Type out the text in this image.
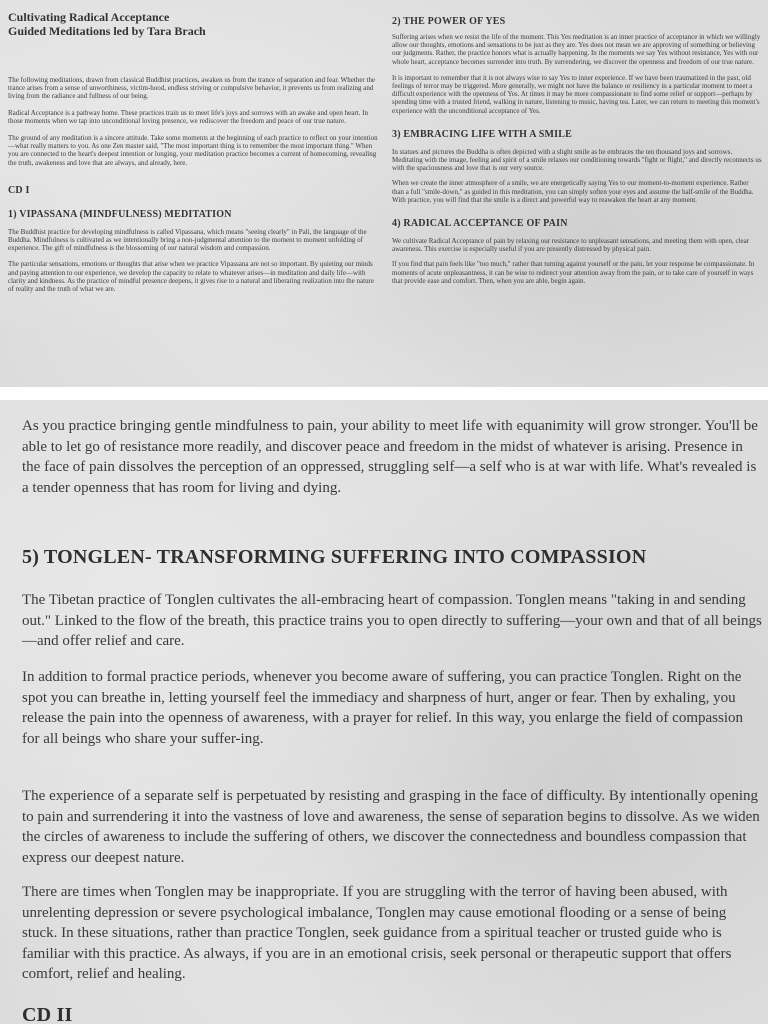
Cultivating Radical Acceptance
Guided Meditations led by Tara Brach
The following meditations, drawn from classical Buddhist practices, awaken us from the trance of separation and fear. Whether the trance arises from a sense of unworthiness, victim-hood, endless striving or compulsive behavior, it prevents us from realizing and living from the radiance and fullness of our being.
Radical Acceptance is a pathway home. These practices train us to meet life's joys and sorrows with an awake and open heart. In those moments when we tap into unconditional loving presence, we rediscover the freedom and peace of our true nature.
The ground of any meditation is a sincere attitude. Take some moments at the beginning of each practice to reflect on your intention—what really matters to you. As one Zen master said, "The most important thing is to remember the most important thing." When you are connected to the heart's deepest intention or longing, your meditation practice becomes a current of homecoming, revealing the truth, awakeness and love that are always, and already, here.
CD I
1) VIPASSANA (MINDFULNESS) MEDITATION
The Buddhist practice for developing mindfulness is called Vipassana, which means "seeing clearly" in Pali, the language of the Buddha. Mindfulness is cultivated as we intentionally bring a non-judgmental attention to the moment to moment unfolding of experience. The gift of mindfulness is the blossoming of our natural wisdom and compassion.
The particular sensations, emotions or thoughts that arise when we practice Vipassana are not so important. By quieting our minds and paying attention to our experience, we develop the capacity to relate to whatever arises—in meditation and daily life—with clarity and kindness. As the practice of mindful presence deepens, it gives rise to a natural and liberating realization into the nature of reality and the truth of what we are.
2) THE POWER OF YES
Suffering arises when we resist the life of the moment. This Yes meditation is an inner practice of acceptance in which we willingly allow our thoughts, emotions and sensations to be just as they are. Yes does not mean we are approving of something or believing our judgments. Rather, the practice honors what is actually happening. In the moments we say Yes without resistance, Yes with our whole heart, acceptance becomes surrender into truth. By surrendering, we discover the openness and freedom of our true nature.
It is important to remember that it is not always wise to say Yes to inner experience. If we have been traumatized in the past, old feelings of terror may be triggered. More generally, we might not have the balance or resiliency in a particular moment to meet a difficult experience with the openness of Yes. At times it may be more compassionate to find some relief or support—perhaps by spending time with a trusted friend, walking in nature, listening to music, having tea. Later, we can return to meeting this moment's experience with the unconditional acceptance of Yes.
3) EMBRACING LIFE WITH A SMILE
In statues and pictures the Buddha is often depicted with a slight smile as he embraces the ten thousand joys and sorrows. Meditating with the image, feeling and spirit of a smile relaxes our conditioning towards "fight or flight," and directly reconnects us with the spaciousness and love that is our very source.
When we create the inner atmosphere of a smile, we are energetically saying Yes to our moment-to-moment experience. Rather than a full "smile-down," as guided in this meditation, you can simply soften your eyes and assume the half-smile of the Buddha. With practice, you will find that the smile is a direct and powerful way to reawaken the heart at any moment.
4) RADICAL ACCEPTANCE OF PAIN
We cultivate Radical Acceptance of pain by relaxing our resistance to unpleasant sensations, and meeting them with open, clear awareness. This exercise is especially useful if you are presently distressed by physical pain.
If you find that pain feels like "too much," rather than turning against yourself or the pain, let your response be compassionate. In moments of acute unpleasantness, it can be wise to redirect your attention away from the pain, or to take care of yourself in ways that provide ease and comfort. Then, when you are able, begin again.
As you practice bringing gentle mindfulness to pain, your ability to meet life with equanimity will grow stronger. You'll be able to let go of resistance more readily, and discover peace and freedom in the midst of whatever is arising. Presence in the face of pain dissolves the perception of an oppressed, struggling self—a self who is at war with life. What's revealed is a tender openness that has room for living and dying.
5) TONGLEN- TRANSFORMING SUFFERING INTO COMPASSION
The Tibetan practice of Tonglen cultivates the all-embracing heart of compassion. Tonglen means "taking in and sending out." Linked to the flow of the breath, this practice trains you to open directly to suffering—your own and that of all beings—and offer relief and care.
In addition to formal practice periods, whenever you become aware of suffering, you can practice Tonglen. Right on the spot you can breathe in, letting yourself feel the immediacy and sharpness of hurt, anger or fear. Then by exhaling, you release the pain into the openness of awareness, with a prayer for relief. In this way, you enlarge the field of compassion for all beings who share your suffer-ing.
The experience of a separate self is perpetuated by resisting and grasping in the face of difficulty. By intentionally opening to pain and surrendering it into the vastness of love and awareness, the sense of separation begins to dissolve. As we widen the circles of awareness to include the suffering of others, we discover the connectedness and boundless compassion that express our deepest nature.
There are times when Tonglen may be inappropriate. If you are struggling with the terror of having been abused, with unrelenting depression or severe psychological imbalance, Tonglen may cause emotional flooding or a sense of being stuck. In these situations, rather than practice Tonglen, seek guidance from a spiritual teacher or trusted guide who is familiar with this practice. As always, if you are in an emotional crisis, seek personal or therapeutic support that offers comfort, relief and healing.
CD II
